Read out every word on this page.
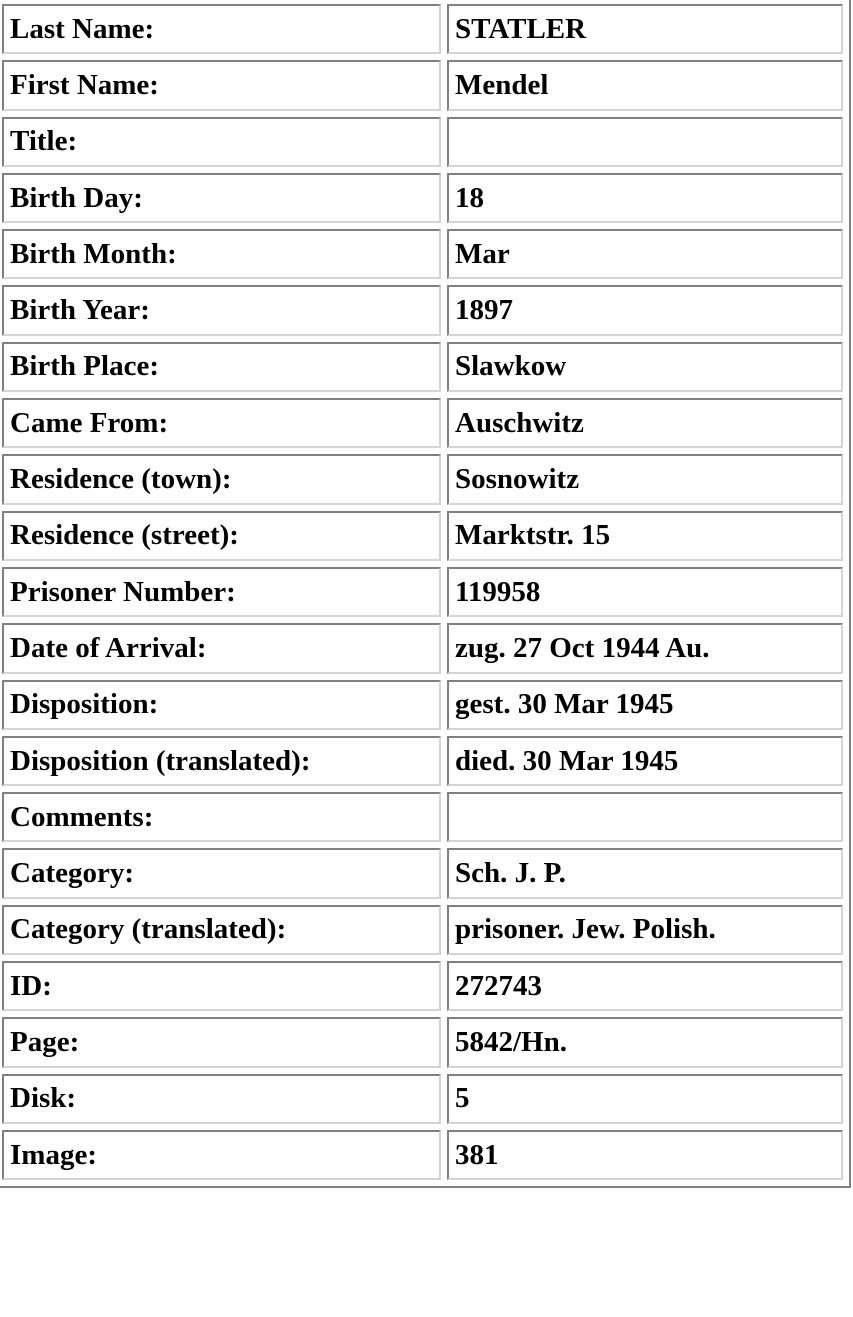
Last Name:	STATLER
First Name:	Mendel
Title:	
Birth Day:	18
Birth Month:	Mar
Birth Year:	1897
Birth Place:	Slawkow
Came From:	Auschwitz
Residence (town):	Sosnowitz
Residence (street):	Marktstr. 15
Prisoner Number:	119958
Date of Arrival:	zug. 27 Oct 1944 Au.
Disposition:	gest. 30 Mar 1945
Disposition (translated):	died. 30 Mar 1945
Comments:	
Category:	Sch. J. P.
Category (translated):	prisoner. Jew. Polish.
ID:	272743
Page:	5842/Hn.
Disk:	5
Image:	381
